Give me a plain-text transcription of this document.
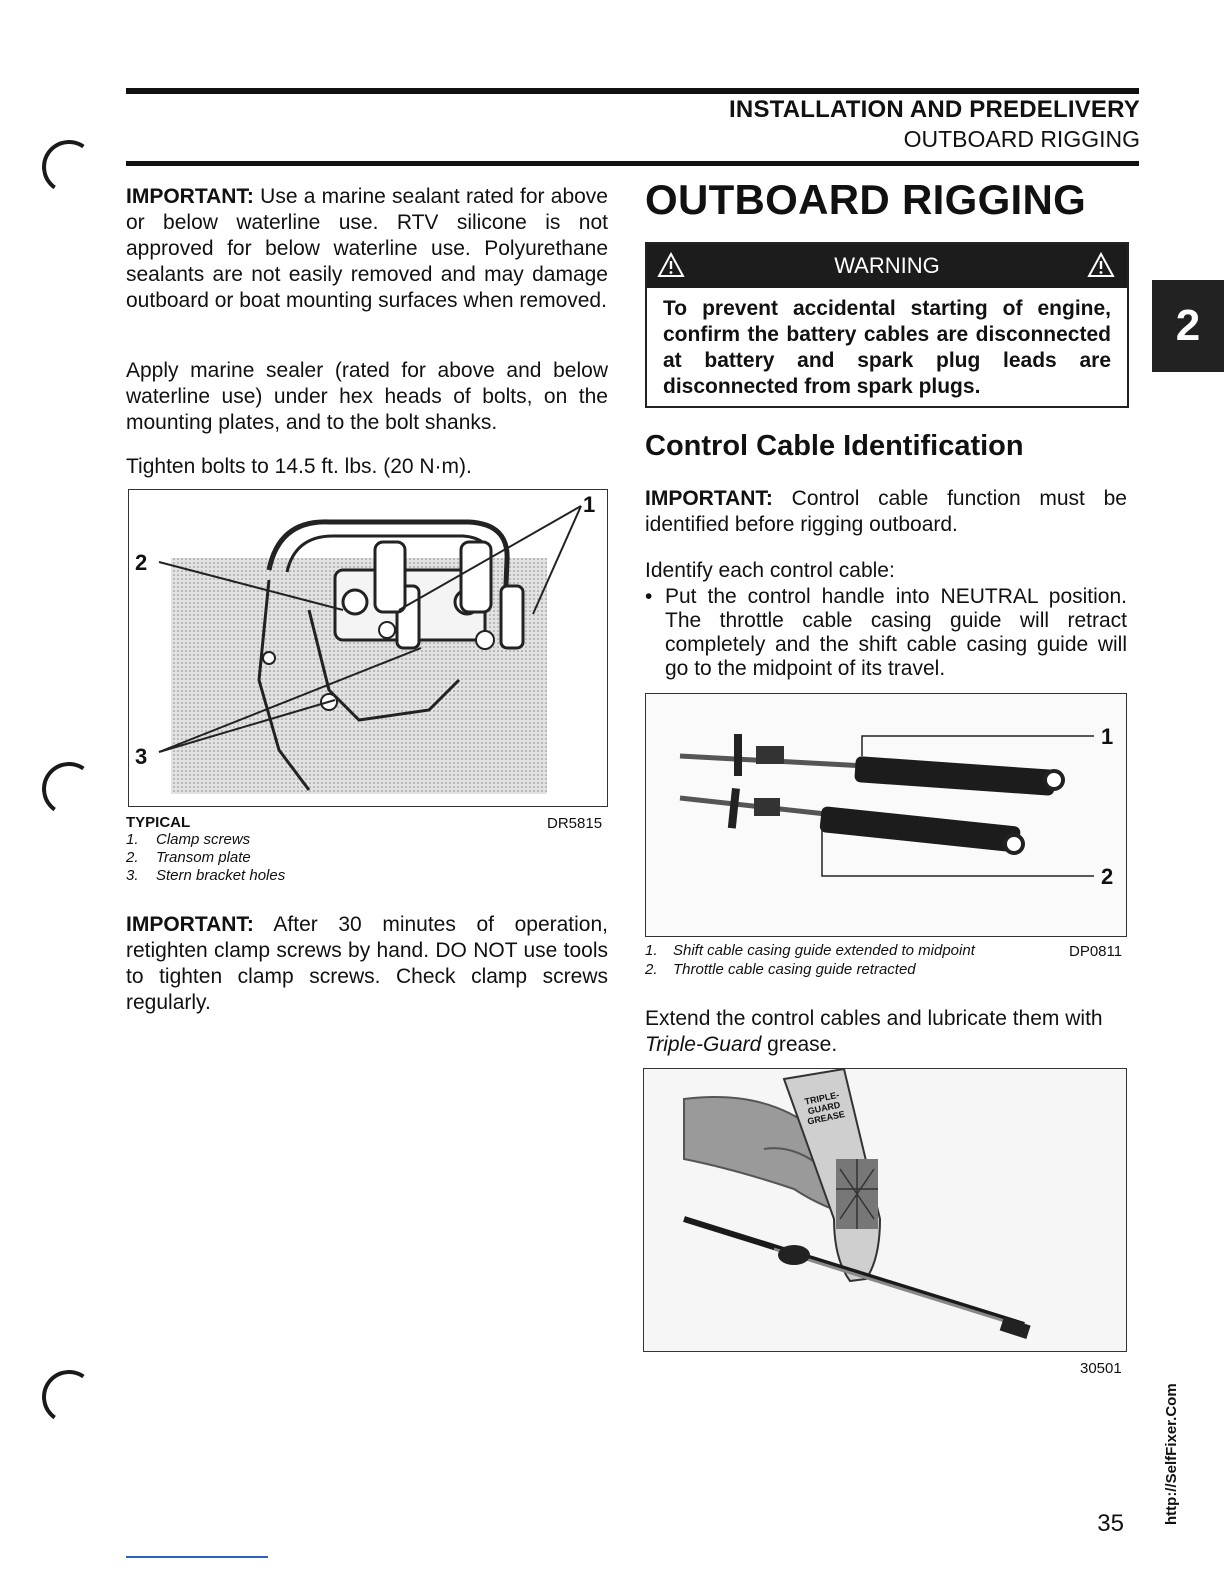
INSTALLATION AND PREDELIVERY
OUTBOARD RIGGING
2

IMPORTANT: Use a marine sealant rated for above or below waterline use. RTV silicone is not approved for below waterline use. Polyurethane sealants are not easily removed and may damage outboard or boat mounting surfaces when removed.

Apply marine sealer (rated for above and below waterline use) under hex heads of bolts, on the mounting plates, and to the bolt shanks.

Tighten bolts to 14.5 ft. lbs. (20 N·m).

2
1
3
TYPICAL	DR5815
1. Clamp screws
2. Transom plate
3. Stern bracket holes

IMPORTANT: After 30 minutes of operation, retighten clamp screws by hand. DO NOT use tools to tighten clamp screws. Check clamp screws regularly.

OUTBOARD RIGGING
WARNING
To prevent accidental starting of engine, confirm the battery cables are disconnected at battery and spark plug leads are disconnected from spark plugs.
Control Cable Identification

IMPORTANT: Control cable function must be identified before rigging outboard.

Identify each control cable:

• Put the control handle into NEUTRAL position. The throttle cable casing guide will retract completely and the shift cable casing guide will go to the midpoint of its travel.

1
2
1. Shift cable casing guide extended to midpoint
2. Throttle cable casing guide retracted
DP0811

Extend the control cables and lubricate them with Triple-Guard grease.

TRIPLE-GUARD GREASE
30501
35	http://SelfFixer.Com
